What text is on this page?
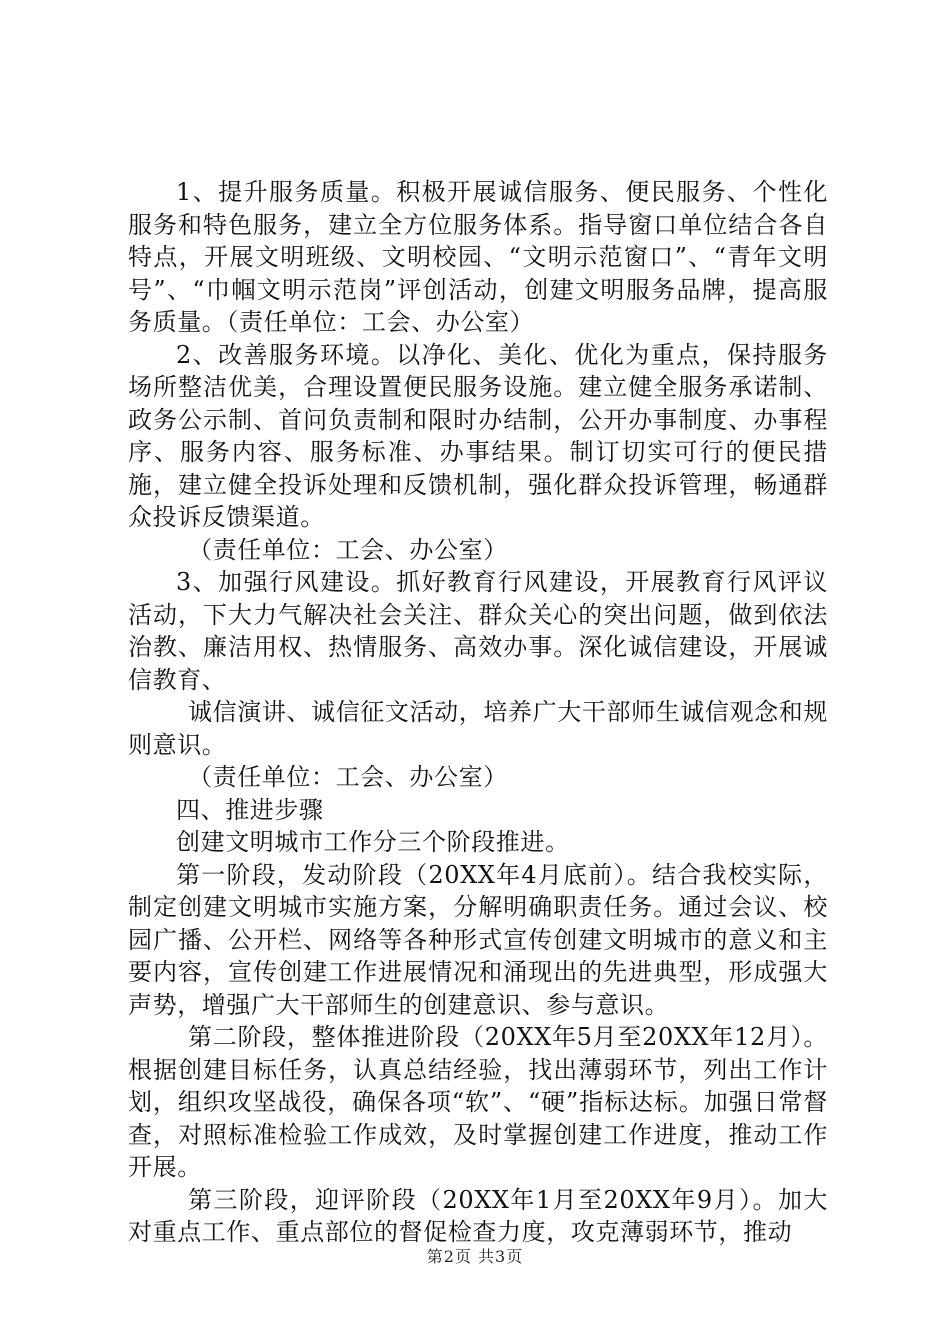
1、提升服务质量。积极开展诚信服务、便民服务、个性化服务和特色服务，建立全方位服务体系。指导窗口单位结合各自特点，开展文明班级、文明校园、“文明示范窗口”、“青年文明号”、“巾帼文明示范岗”评创活动，创建文明服务品牌，提高服务质量。（责任单位：工会、办公室）

2、改善服务环境。以净化、美化、优化为重点，保持服务场所整洁优美，合理设置便民服务设施。建立健全服务承诺制、政务公示制、首问负责制和限时办结制，公开办事制度、办事程序、服务内容、服务标准、办事结果。制订切实可行的便民措施，建立健全投诉处理和反馈机制，强化群众投诉管理，畅通群众投诉反馈渠道。

（责任单位：工会、办公室）

3、加强行风建设。抓好教育行风建设，开展教育行风评议活动，下大力气解决社会关注、群众关心的突出问题，做到依法治教、廉洁用权、热情服务、高效办事。深化诚信建设，开展诚信教育、

诚信演讲、诚信征文活动，培养广大干部师生诚信观念和规则意识。

（责任单位：工会、办公室）

四、推进步骤

创建文明城市工作分三个阶段推进。

第一阶段，发动阶段（20XX年4月底前）。结合我校实际，制定创建文明城市实施方案，分解明确职责任务。通过会议、校园广播、公开栏、网络等各种形式宣传创建文明城市的意义和主要内容，宣传创建工作进展情况和涌现出的先进典型，形成强大声势，增强广大干部师生的创建意识、参与意识。

第二阶段，整体推进阶段（20XX年5月至20XX年12月）。根据创建目标任务，认真总结经验，找出薄弱环节，列出工作计划，组织攻坚战役，确保各项“软”、“硬”指标达标。加强日常督查，对照标准检验工作成效，及时掌握创建工作进度，推动工作开展。

第三阶段，迎评阶段（20XX年1月至20XX年9月）。加大对重点工作、重点部位的督促检查力度，攻克薄弱环节，推动

第2页 共3页
